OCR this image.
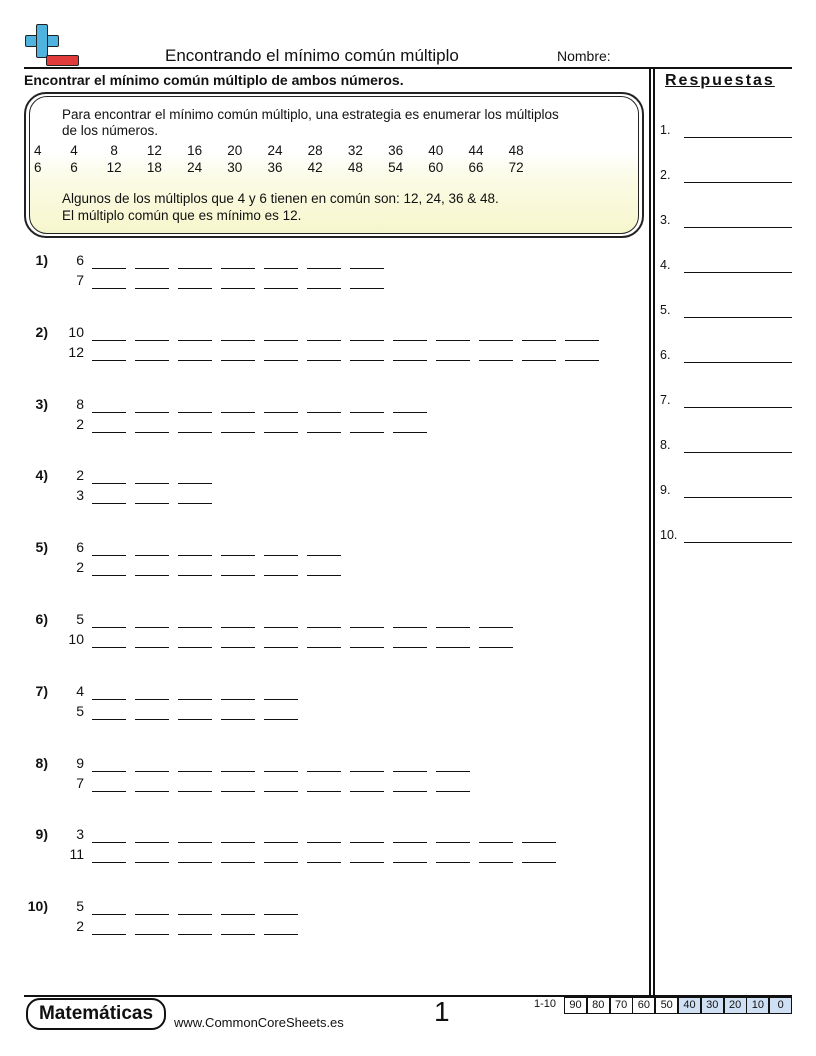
Encontrando el mínimo común múltiplo	Nombre:
Encontrar el mínimo común múltiplo de ambos números.	Respuestas
Para encontrar el mínimo común múltiplo, una estrategia es enumerar los múltiplos
de los números.
4	4	8	12	16	20	24	28	32	36	40	44	48
6	6	12	18	24	30	36	42	48	54	60	66	72
Algunos de los múltiplos que 4 y 6 tienen en común son: 12, 24, 36 & 48.
El múltiplo común que es mínimo es 12.
1)	6
7
2)	10
12
3)	8
2
4)	2
3
5)	6
2
6)	5
10
7)	4
5
8)	9
7
9)	3
11
10)	5
2
1.
2.
3.
4.
5.
6.
7.
8.
9.
10.
Matemáticas	www.CommonCoreSheets.es	1	1-10	90 80 70 60 50 40 30 20 10	0
